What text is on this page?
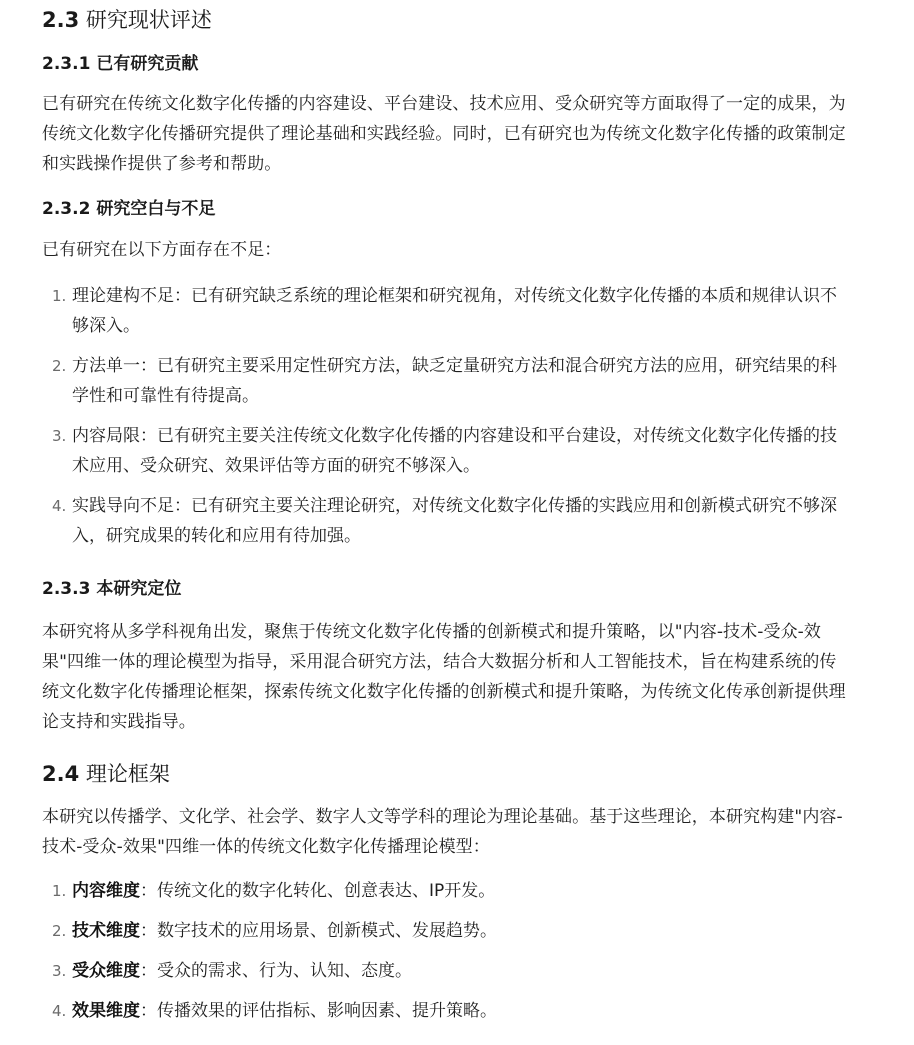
2.3 研究现状评述
2.3.1 已有研究贡献

已有研究在传统文化数字化传播的内容建设、平台建设、技术应用、受众研究等方面取得了一定的成果，为传统文化数字化传播研究提供了理论基础和实践经验。同时，已有研究也为传统文化数字化传播的政策制定和实践操作提供了参考和帮助。

2.3.2 研究空白与不足

已有研究在以下方面存在不足：

1. 理论建构不足：已有研究缺乏系统的理论框架和研究视角，对传统文化数字化传播的本质和规律认识不够深入。
2. 方法单一：已有研究主要采用定性研究方法，缺乏定量研究方法和混合研究方法的应用，研究结果的科学性和可靠性有待提高。
3. 内容局限：已有研究主要关注传统文化数字化传播的内容建设和平台建设，对传统文化数字化传播的技术应用、受众研究、效果评估等方面的研究不够深入。
4. 实践导向不足：已有研究主要关注理论研究，对传统文化数字化传播的实践应用和创新模式研究不够深入，研究成果的转化和应用有待加强。
2.3.3 本研究定位

本研究将从多学科视角出发，聚焦于传统文化数字化传播的创新模式和提升策略，以"内容-技术-受众-效果"四维一体的理论模型为指导，采用混合研究方法，结合大数据分析和人工智能技术，旨在构建系统的传统文化数字化传播理论框架，探索传统文化数字化传播的创新模式和提升策略，为传统文化传承创新提供理论支持和实践指导。

2.4 理论框架

本研究以传播学、文化学、社会学、数字人文等学科的理论为理论基础。基于这些理论，本研究构建"内容-技术-受众-效果"四维一体的传统文化数字化传播理论模型：

1. 内容维度：传统文化的数字化转化、创意表达、IP开发。
2. 技术维度：数字技术的应用场景、创新模式、发展趋势。
3. 受众维度：受众的需求、行为、认知、态度。
4. 效果维度：传播效果的评估指标、影响因素、提升策略。
